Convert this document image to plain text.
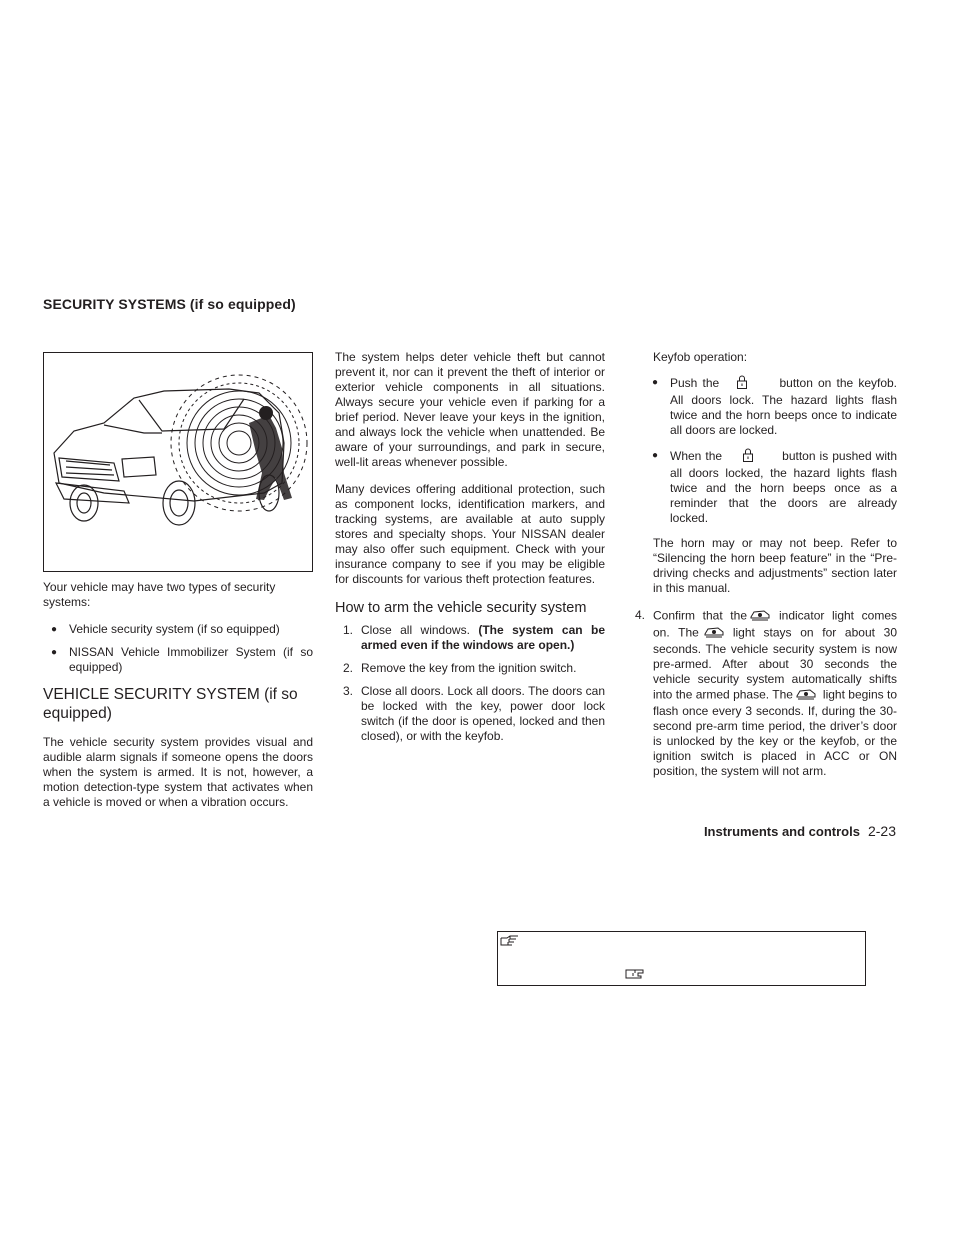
SECURITY SYSTEMS (if so equipped)

Your vehicle may have two types of security systems:

● Vehicle security system (if so equipped)
● NISSAN Vehicle Immobilizer System (if so equipped)
VEHICLE SECURITY SYSTEM (if so equipped)

The vehicle security system provides visual and audible alarm signals if someone opens the doors when the system is armed. It is not, however, a motion detection-type system that activates when a vehicle is moved or when a vibration occurs.

The system helps deter vehicle theft but cannot prevent it, nor can it prevent the theft of interior or exterior vehicle components in all situations. Always secure your vehicle even if parking for a brief period. Never leave your keys in the ignition, and always lock the vehicle when unattended. Be aware of your surroundings, and park in secure, well-lit areas whenever possible.

Many devices offering additional protection, such as component locks, identification markers, and tracking systems, are available at auto supply stores and specialty shops. Your NISSAN dealer may also offer such equipment. Check with your insurance company to see if you may be eligible for discounts for various theft protection features.

How to arm the vehicle security system
1. Close all windows. (The system can be armed even if the windows are open.)
2. Remove the key from the ignition switch.
3. Close all doors. Lock all doors. The doors can be locked with the key, power door lock switch (if the door is opened, locked and then closed), or with the keyfob.

Keyfob operation:

● Push the	button on the keyfob. All doors lock. The hazard lights flash twice and the horn beeps once to indicate all doors are locked.
● When the	button is pushed with all doors locked, the hazard lights flash twice and the horn beeps once as a reminder that the doors are already locked.

The horn may or may not beep. Refer to “Silencing the horn beep feature” in the “Pre-driving checks and adjustments” section later in this manual.

4. Confirm that the	indicator light comes on. The	light stays on for about 30 seconds. The vehicle security system is now pre-armed. After about 30 seconds the vehicle security system automatically shifts into the armed phase. The	light begins to flash once every 3 seconds. If, during the 30-second pre-arm time period, the driver’s door is unlocked by the key or the keyfob, or the ignition switch is placed in ACC or ON position, the system will not arm.
Instruments and controls 2-23
